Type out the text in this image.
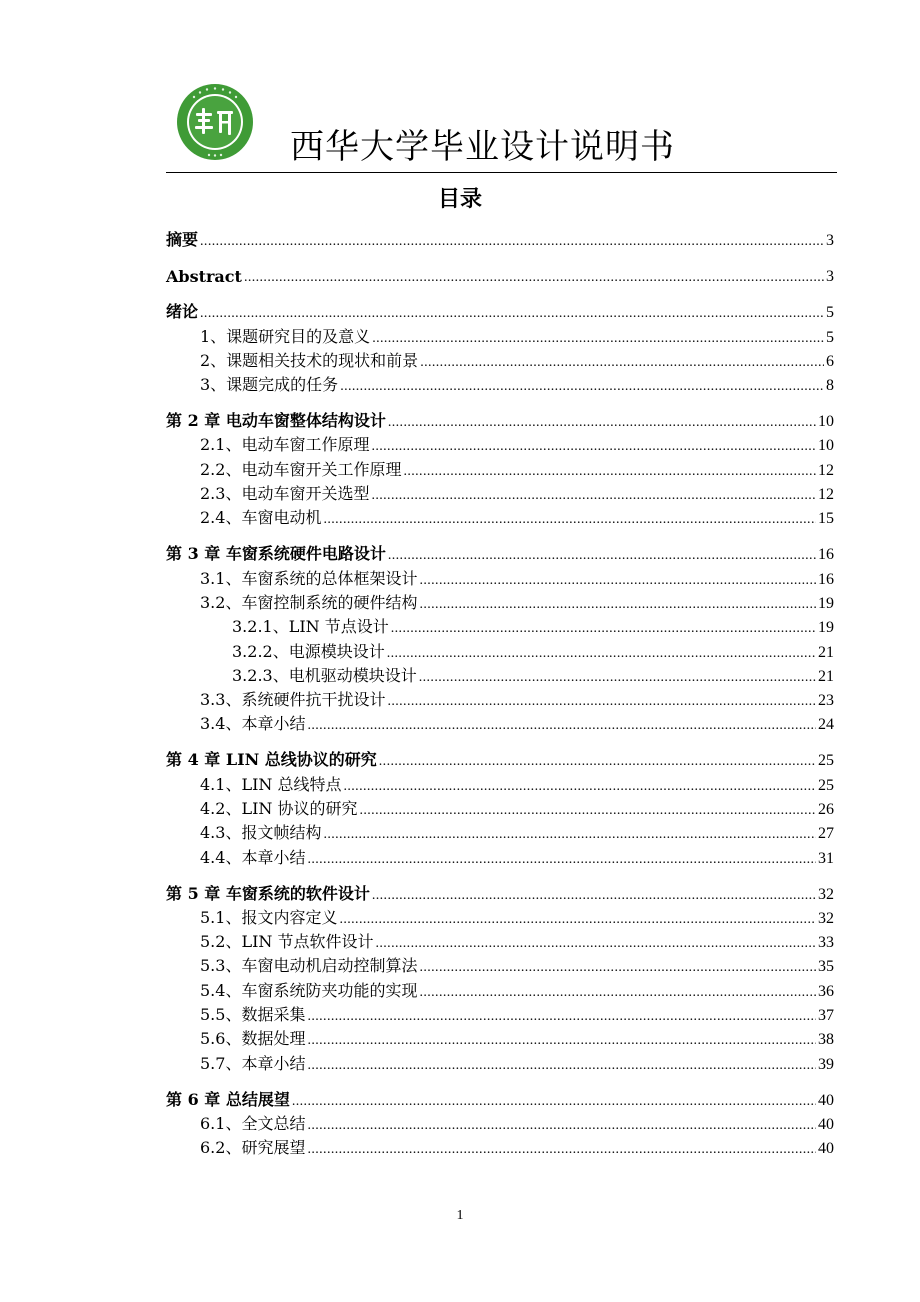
西华大学毕业设计说明书
目录
摘要 .....	3
Abstract .....	3
绪论 .....	5
1、课题研究目的及意义 .....	5
2、课题相关技术的现状和前景 .....	6
3、课题完成的任务 .....	8
第 2 章 电动车窗整体结构设计 .....	10
2.1、电动车窗工作原理 .....	10
2.2、电动车窗开关工作原理 .....	12
2.3、电动车窗开关选型 .....	12
2.4、车窗电动机 .....	15
第 3 章 车窗系统硬件电路设计 .....	16
3.1、车窗系统的总体框架设计 .....	16
3.2、车窗控制系统的硬件结构 .....	19
3.2.1、LIN 节点设计 .....	19
3.2.2、电源模块设计 .....	21
3.2.3、电机驱动模块设计 .....	21
3.3、系统硬件抗干扰设计 .....	23
3.4、本章小结 .....	24
第 4 章 LIN 总线协议的研究 .....	25
4.1、LIN 总线特点 .....	25
4.2、LIN 协议的研究 .....	26
4.3、报文帧结构 .....	27
4.4、本章小结 .....	31
第 5 章 车窗系统的软件设计 .....	32
5.1、报文内容定义 .....	32
5.2、LIN 节点软件设计 .....	33
5.3、车窗电动机启动控制算法 .....	35
5.4、车窗系统防夹功能的实现 .....	36
5.5、数据采集 .....	37
5.6、数据处理 .....	38
5.7、本章小结 .....	39
第 6 章 总结展望 .....	40
6.1、全文总结 .....	40
6.2、研究展望 .....	40
1
